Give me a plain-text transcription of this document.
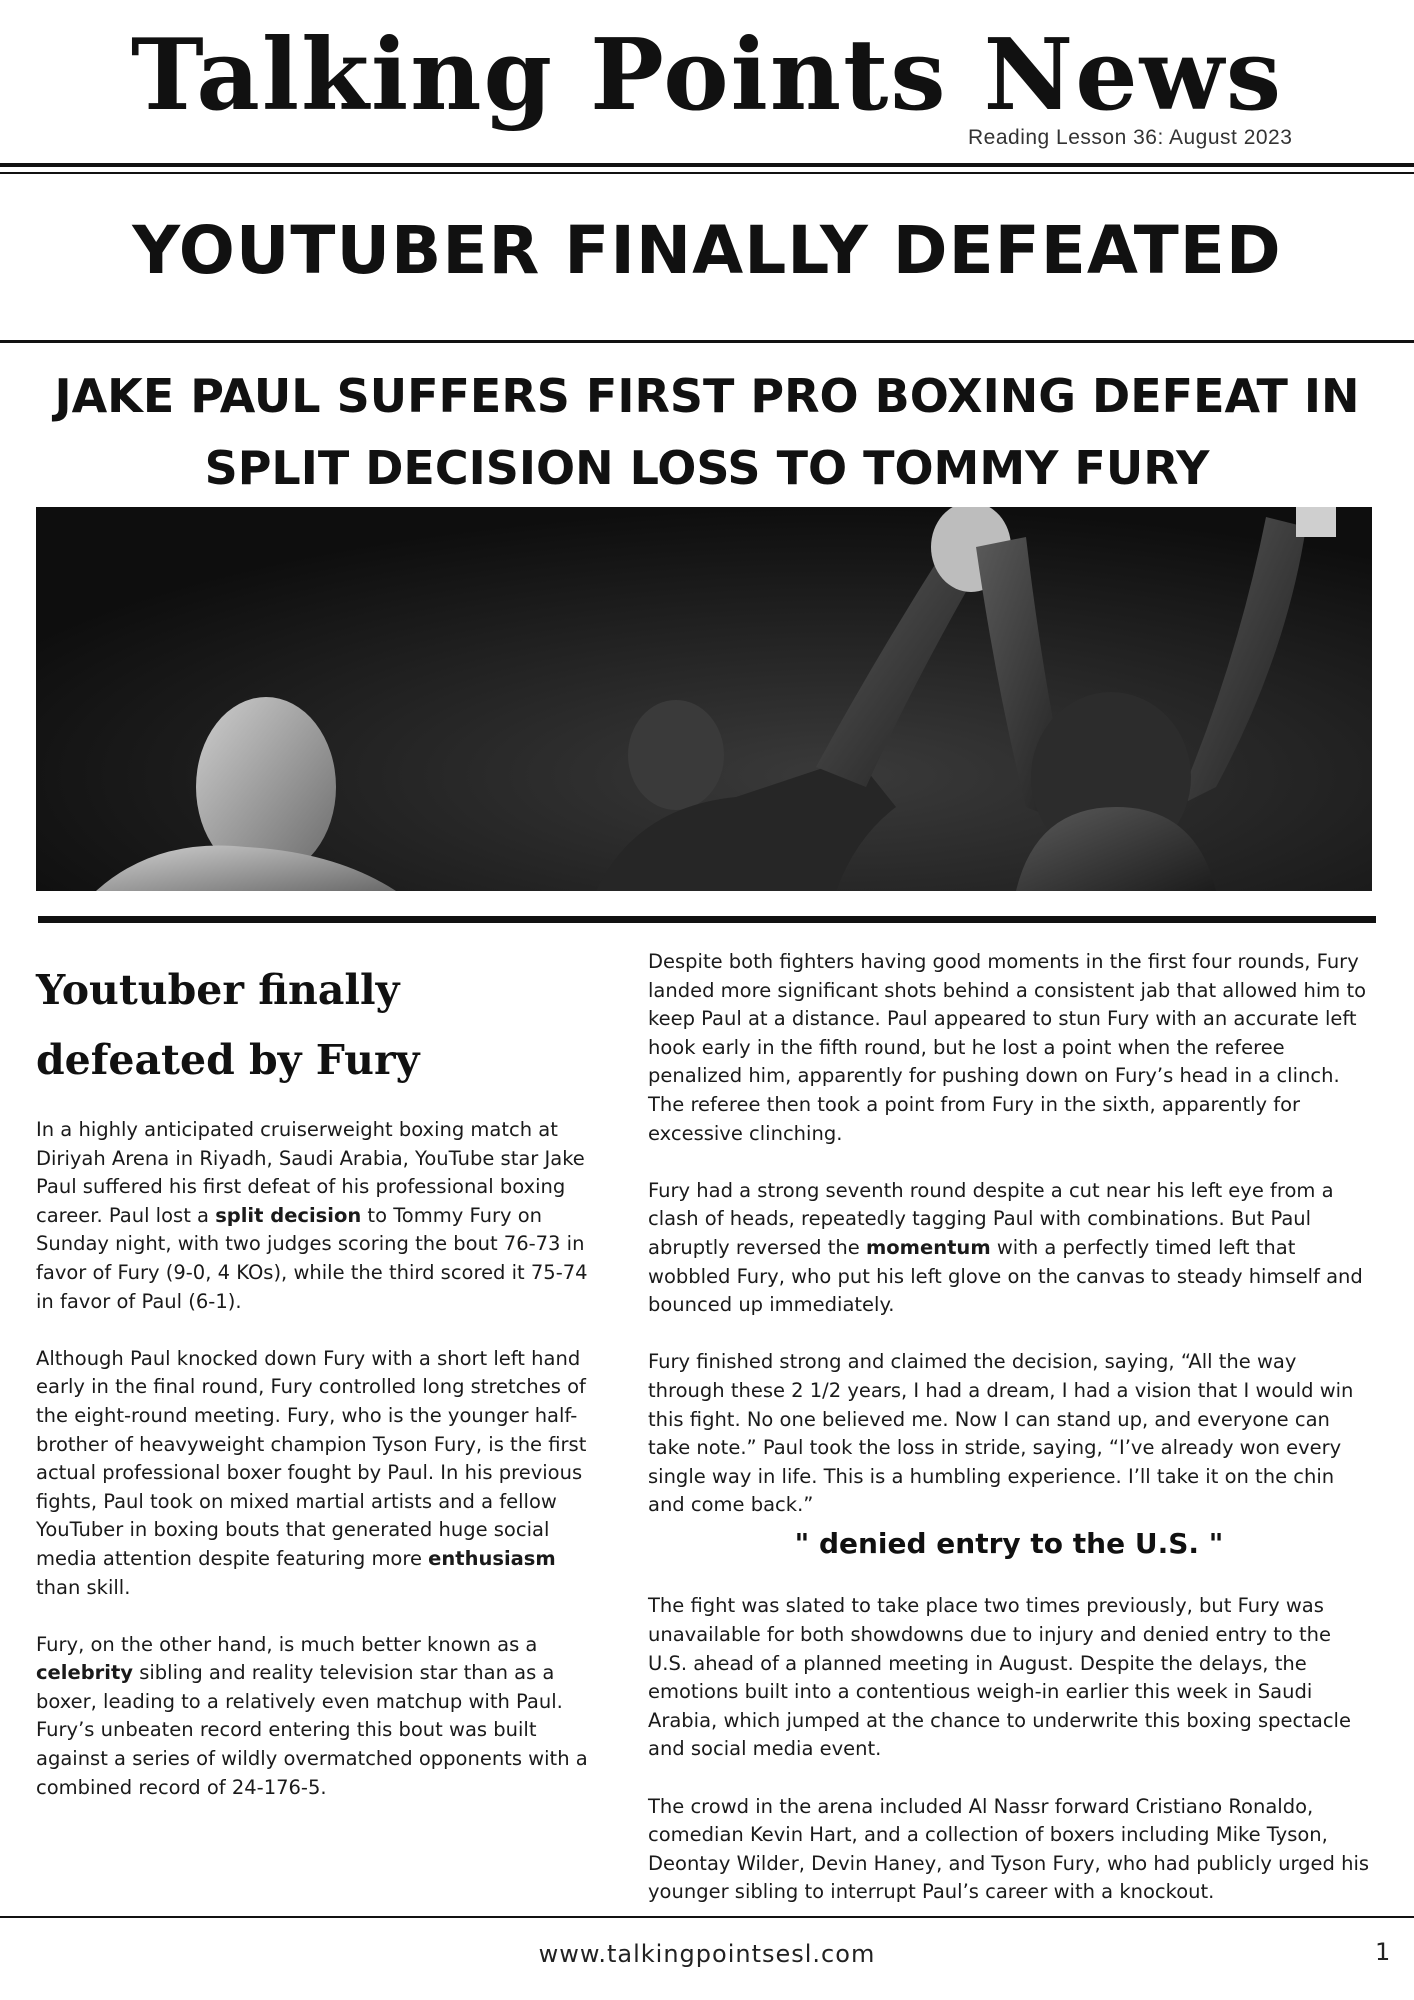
Talking Points News
Reading Lesson 36: August 2023
YOUTUBER FINALLY DEFEATED
JAKE PAUL SUFFERS FIRST PRO BOXING DEFEAT IN
SPLIT DECISION LOSS TO TOMMY FURY
Youtuber finally
defeated by Fury

In a highly anticipated cruiserweight boxing match at Diriyah Arena in Riyadh, Saudi Arabia, YouTube star Jake Paul suffered his first defeat of his professional boxing career. Paul lost a split decision to Tommy Fury on Sunday night, with two judges scoring the bout 76-73 in favor of Fury (9-0, 4 KOs), while the third scored it 75-74 in favor of Paul (6-1).

Although Paul knocked down Fury with a short left hand early in the final round, Fury controlled long stretches of the eight-round meeting. Fury, who is the younger half-brother of heavyweight champion Tyson Fury, is the first actual professional boxer fought by Paul. In his previous fights, Paul took on mixed martial artists and a fellow YouTuber in boxing bouts that generated huge social media attention despite featuring more enthusiasm than skill.

Fury, on the other hand, is much better known as a celebrity sibling and reality television star than as a boxer, leading to a relatively even matchup with Paul. Fury’s unbeaten record entering this bout was built against a series of wildly overmatched opponents with a combined record of 24-176-5.

Despite both fighters having good moments in the first four rounds, Fury landed more significant shots behind a consistent jab that allowed him to keep Paul at a distance. Paul appeared to stun Fury with an accurate left hook early in the fifth round, but he lost a point when the referee penalized him, apparently for pushing down on Fury’s head in a clinch. The referee then took a point from Fury in the sixth, apparently for excessive clinching.

Fury had a strong seventh round despite a cut near his left eye from a clash of heads, repeatedly tagging Paul with combinations. But Paul abruptly reversed the momentum with a perfectly timed left that wobbled Fury, who put his left glove on the canvas to steady himself and bounced up immediately.

Fury finished strong and claimed the decision, saying, “All the way through these 2 1/2 years, I had a dream, I had a vision that I would win this fight. No one believed me. Now I can stand up, and everyone can take note.” Paul took the loss in stride, saying, “I’ve already won every single way in life. This is a humbling experience. I’ll take it on the chin and come back.”

" denied entry to the U.S. "

The fight was slated to take place two times previously, but Fury was unavailable for both showdowns due to injury and denied entry to the U.S. ahead of a planned meeting in August. Despite the delays, the emotions built into a contentious weigh-in earlier this week in Saudi Arabia, which jumped at the chance to underwrite this boxing spectacle and social media event.

The crowd in the arena included Al Nassr forward Cristiano Ronaldo, comedian Kevin Hart, and a collection of boxers including Mike Tyson, Deontay Wilder, Devin Haney, and Tyson Fury, who had publicly urged his younger sibling to interrupt Paul’s career with a knockout.

www.talkingpointsesl.com	1
